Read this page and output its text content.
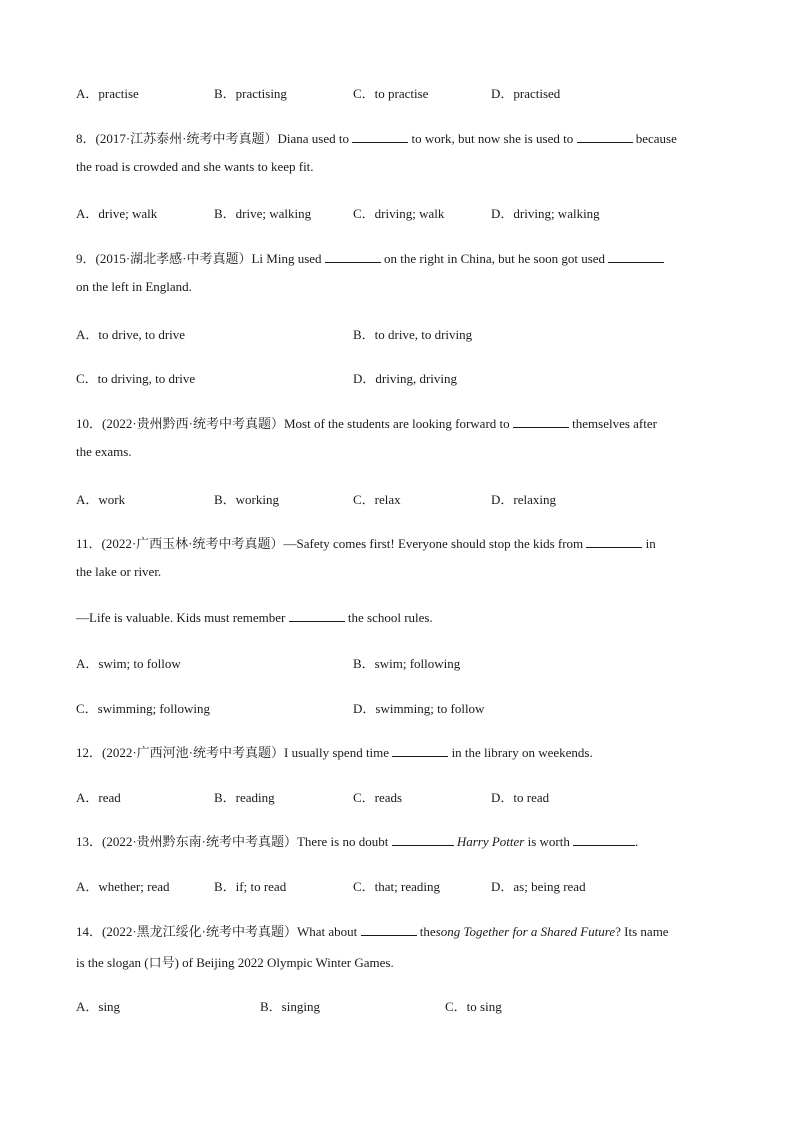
A．practise	B．practising	C．to practise	D．practised
8．(2017·江苏泰州·统考中考真题）Diana used to	to work, but now she is used to	because
the road is crowded and she wants to keep fit.
A．drive; walk	B．drive; walking	C．driving; walk	D．driving; walking
9．(2015·湖北孝感·中考真题）Li Ming used	on the right in China, but he soon got used
on the left in England.
A．to drive, to drive	B．to drive, to driving
C．to driving, to drive	D．driving, driving
10．(2022·贵州黔西·统考中考真题）Most of the students are looking forward to	themselves after
the exams.
A．work	B．working	C．relax	D．relaxing
11．(2022·广西玉林·统考中考真题）—Safety comes first! Everyone should stop the kids from	in
the lake or river.
—Life is valuable. Kids must remember	the school rules.
A．swim; to follow	B．swim; following
C．swimming; following	D．swimming; to follow
12．(2022·广西河池·统考中考真题）I usually spend time	in the library on weekends.
A．read	B．reading	C．reads	D．to read
13．(2022·贵州黔东南·统考中考真题）There is no doubt	Harry Potter is worth	.
A．whether; read	B．if; to read	C．that; reading	D．as; being read
14．(2022·黑龙江绥化·统考中考真题）What about	thesong Together for a Shared Future? Its name
is the slogan (口号) of Beijing 2022 Olympic Winter Games.
A．sing	B．singing	C．to sing
